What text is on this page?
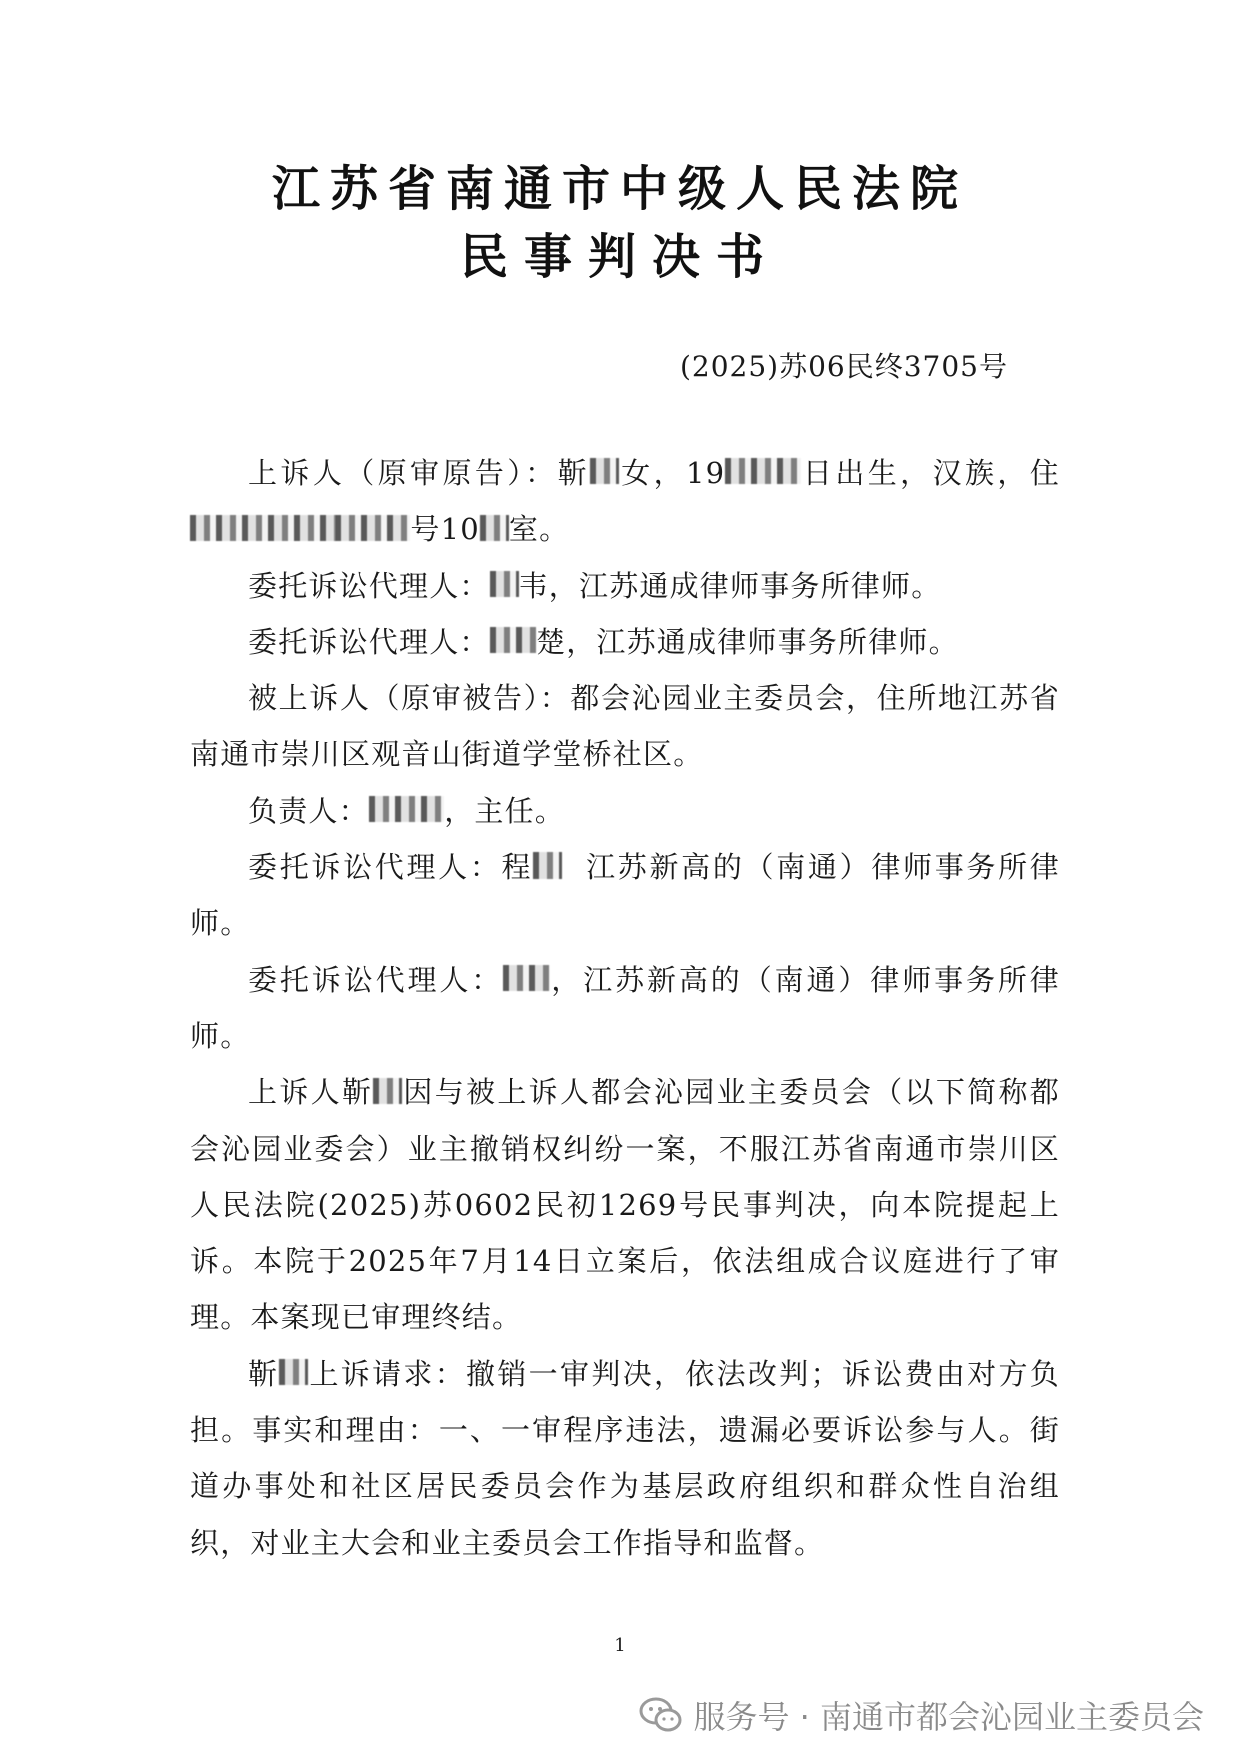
江苏省南通市中级人民法院
民事判决书
(2025)苏06民终3705号

上诉人（原审原告）：靳 女，19	日出生，汉族，住号10 室。

委托诉讼代理人： 韦，江苏通成律师事务所律师。

委托诉讼代理人： 楚，江苏通成律师事务所律师。

被上诉人（原审被告）：都会沁园业主委员会，住所地江苏省南通市崇川区观音山街道学堂桥社区。

负责人：	，主任。

委托诉讼代理人：程 江苏新高的（南通）律师事务所律师。

委托诉讼代理人： ，江苏新高的（南通）律师事务所律师。

上诉人靳 因与被上诉人都会沁园业主委员会（以下简称都会沁园业委会）业主撤销权纠纷一案，不服江苏省南通市崇川区人民法院(2025)苏0602民初1269号民事判决，向本院提起上诉。本院于2025年7月14日立案后，依法组成合议庭进行了审理。本案现已审理终结。

靳 上诉请求：撤销一审判决，依法改判；诉讼费由对方负担。事实和理由：一、一审程序违法，遗漏必要诉讼参与人。街道办事处和社区居民委员会作为基层政府组织和群众性自治组织，对业主大会和业主委员会工作指导和监督。

1
服务号 · 南通市都会沁园业主委员会
